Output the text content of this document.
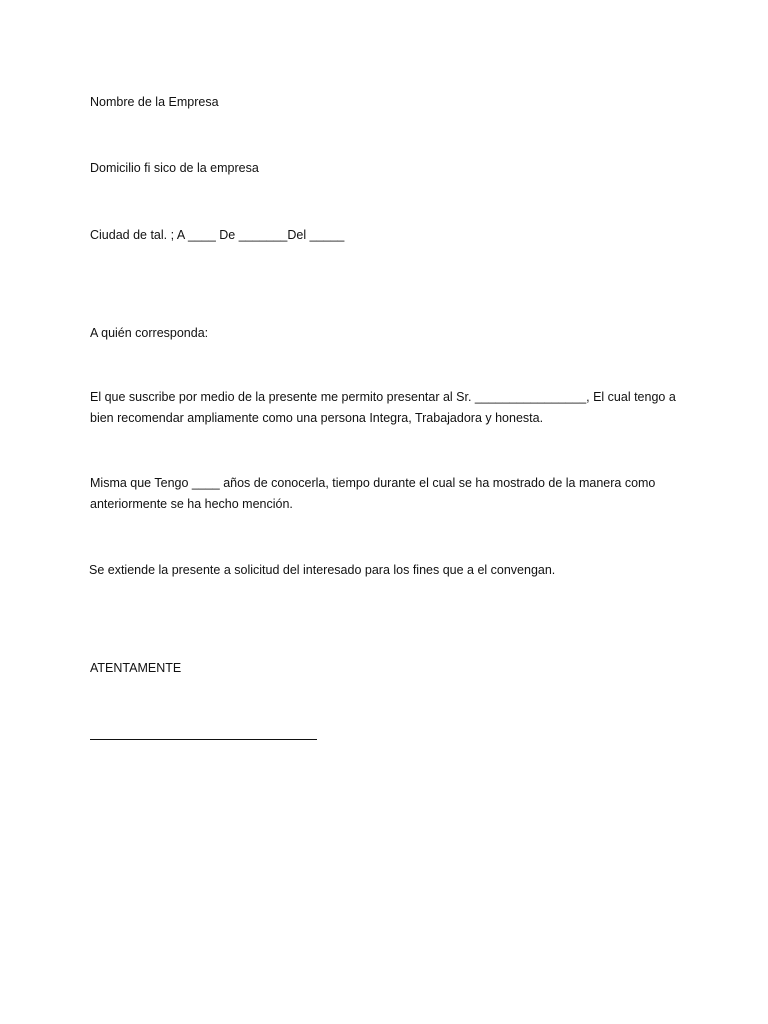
Nombre de la Empresa

Domicilio fi sico de la empresa

Ciudad de tal. ; A ____ De _______Del _____

A quién corresponda:

El que suscribe por medio de la presente me permito presentar al Sr. ________________, El cual tengo a
bien recomendar ampliamente como una persona Integra, Trabajadora y honesta.
Misma que Tengo ____ años de conocerla, tiempo durante el cual se ha mostrado de la manera como
anteriormente se ha hecho mención.

Se extiende la presente a solicitud del interesado para los fines que a el convengan.

ATENTAMENTE
